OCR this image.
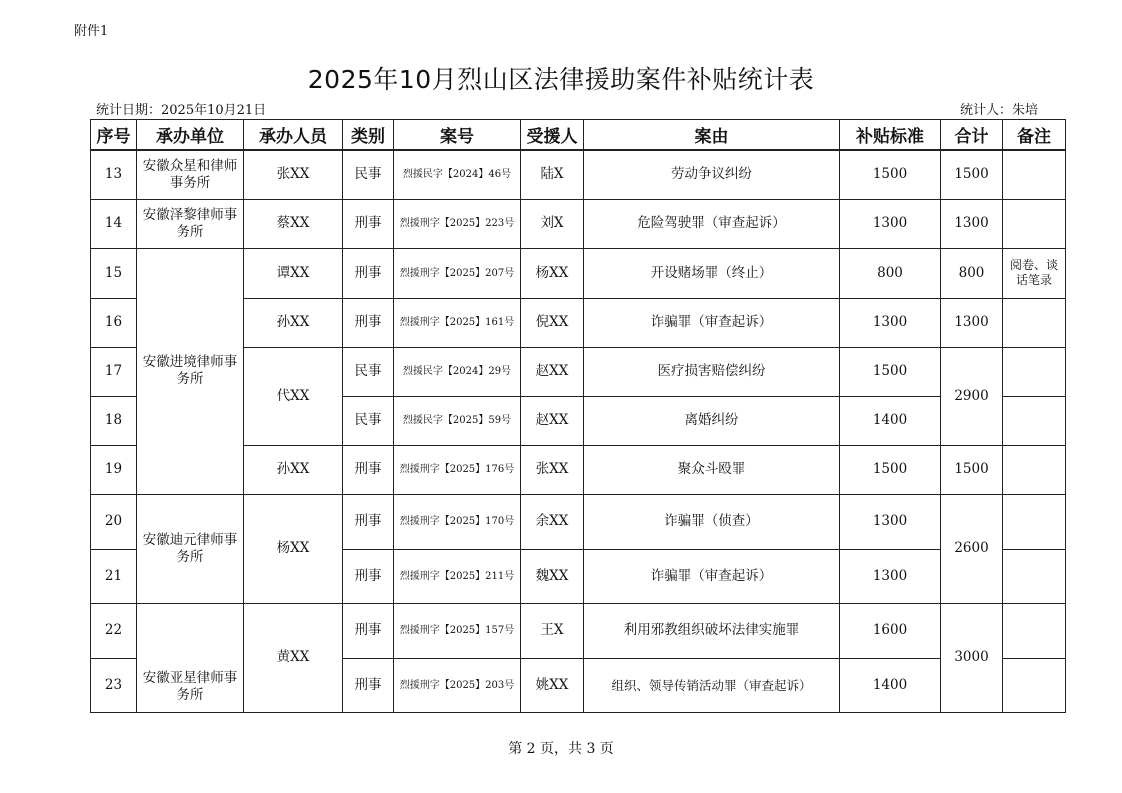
附件1
2025年10月烈山区法律援助案件补贴统计表
统计日期：2025年10月21日	统计人：朱培
序号	承办单位	承办人员	类别	案号	受援人	案由	补贴标准	合计	备注
13	安徽众星和律师事务所	张XX	民事	烈援民字【2024】46号	陆X	劳动争议纠纷	1500	1500	
14	安徽泽黎律师事务所	蔡XX	刑事	烈援刑字【2025】223号	刘X	危险驾驶罪（审查起诉）	1300	1300	
15	安徽进境律师事务所	谭XX	刑事	烈援刑字【2025】207号	杨XX	开设赌场罪（终止）	800	800	阅卷、谈话笔录
16		孙XX	刑事	烈援刑字【2025】161号	倪XX	诈骗罪（审查起诉）	1300	1300	
17		代XX	民事	烈援民字【2024】29号	赵XX	医疗损害赔偿纠纷	1500	2900	
18			民事	烈援民字【2025】59号	赵XX	离婚纠纷	1400		
19		孙XX	刑事	烈援刑字【2025】176号	张XX	聚众斗殴罪	1500	1500	
20	安徽迪元律师事务所	杨XX	刑事	烈援刑字【2025】170号	余XX	诈骗罪（侦查）	1300	2600	
21			刑事	烈援刑字【2025】211号	魏XX	诈骗罪（审查起诉）	1300		
22	安徽亚星律师事务所	黄XX	刑事	烈援刑字【2025】157号	王X	利用邪教组织破坏法律实施罪	1600	3000	
23			刑事	烈援刑字【2025】203号	姚XX	组织、领导传销活动罪（审查起诉）	1400		
第 2 页，共 3 页
